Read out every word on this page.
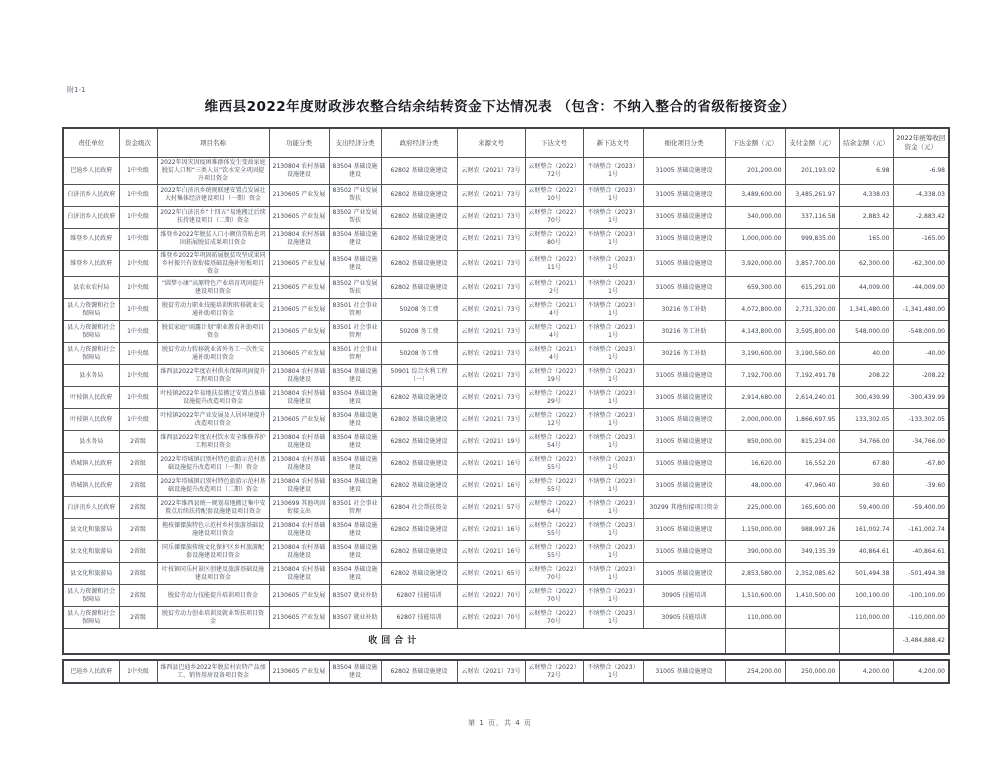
附1-1
维西县2022年度财政涉农整合结余结转资金下达情况表 （包含：不纳入整合的省级衔接资金）
责任单位	资金级次	项目名称	功能分类	支出经济分类	政府经济分类	来源文号	下达文号	新下达文号	细化项目分类	下达金额（元）	支付金额（元）	结余金额（元）	2022年统筹收回资金（元）
巴迪乡人民政府	1中央级	2022年因灾因疫困难群体发生变故家庭脱贫人口和“三类人员”饮水安全巩固提升项目资金	2130804 农村基础设施建设	83504 基础设施建设	62802 基础设施建设	云财农（2021）73号	云财整合（2022）72号	不纳整合（2023）1号	31005 基础设施建设	201,200.00	201,193.02	6.98	-6.98
白济汛乡人民政府	1中央级	2022年白济汛乡统规联建安置点发展壮大村集体经济建设项目（一期）资金	2130605 产业发展	83502 产业发展帮扶	62802 基础设施建设	云财农（2021）73号	云财整合（2022）10号	不纳整合（2023）1号	31005 基础设施建设	3,489,600.00	3,485,261.97	4,338.03	-4,338.03
白济汛乡人民政府	1中央级	2022年白济汛乡“十四五”易地搬迁后续扶持建设项目（二期）资金	2130605 产业发展	83502 产业发展帮扶	62802 基础设施建设	云财农（2021）73号	云财整合（2022）70号	不纳整合（2023）1号	31005 基础设施建设	340,000.00	337,116.58	2,883.42	-2,883.42
维登乡人民政府	1中央级	维登乡2022年脱贫人口小额信贷贴息巩固拓展脱贫成果项目资金	2130804 农村基础设施建设	83504 基础设施建设	62802 基础设施建设	云财农（2021）73号	云财整合（2022）80号	不纳整合（2023）1号	31005 基础设施建设	1,000,000.00	999,835.00	165.00	-165.00
维登乡人民政府	1中央级	维登乡2022年巩固拓展脱贫攻坚成果同乡村振兴有效衔接基础设施补短板项目资金	2130605 产业发展	83504 基础设施建设	62802 基础设施建设	云财农（2021）73号	云财整合（2022）11号	不纳整合（2023）1号	31005 基础设施建设	3,920,000.00	3,857,700.00	62,300.00	-62,300.00
县农业农村局	1中央级	“圆梦小康”高原特色产业培育巩固提升建设项目资金	2130605 产业发展	83502 产业发展帮扶	62802 基础设施建设	云财农（2021）73号	云财整合（2021）2号	不纳整合（2023）1号	31005 基础设施建设	659,300.00	615,291.00	44,009.00	-44,009.00
县人力资源和社会保障局	1中央级	脱贫劳动力职业技能培训和转移就业交通补助项目资金	2130605 产业发展	83501 社会事业管理	50208 务工费	云财农（2021）73号	云财整合（2021）4号	不纳整合（2023）1号	30216 务工补助	4,072,800.00	2,731,320.00	1,341,480.00	-1,341,480.00
县人力资源和社会保障局	1中央级	脱贫家庭“雨露计划”职业教育补助项目资金	2130605 产业发展	83501 社会事业管理	50208 务工费	云财农（2021）73号	云财整合（2021）4号	不纳整合（2023）1号	30216 务工补助	4,143,800.00	3,595,800.00	548,000.00	-548,000.00
县人力资源和社会保障局	1中央级	脱贫劳动力转移就业省外务工一次性交通补助项目资金	2130605 产业发展	83501 社会事业管理	50208 务工费	云财农（2021）73号	云财整合（2021）4号	不纳整合（2023）1号	30216 务工补助	3,190,600.00	3,190,560.00	40.00	-40.00
县水务局	1中央级	维西县2022年度农村供水保障巩固提升工程项目资金	2130804 农村基础设施建设	83504 基础设施建设	50901 综合水利工程（一）	云财农（2021）73号	云财整合（2022）19号	不纳整合（2023）1号	31005 基础设施建设	7,192,700.00	7,192,491.78	208.22	-208.22
叶枝镇人民政府	1中央级	叶枝镇2022年易地扶贫搬迁安置点基础设施提升改造项目资金	2130804 农村基础设施建设	83504 基础设施建设	62802 基础设施建设	云财农（2021）73号	云财整合（2022）29号	不纳整合（2023）1号	31005 基础设施建设	2,914,680.00	2,614,240.01	300,439.99	-300,439.99
叶枝镇人民政府	1中央级	叶枝镇2022年产业发展及人居环境提升改造项目资金	2130605 产业发展	83504 基础设施建设	62802 基础设施建设	云财农（2021）73号	云财整合（2022）12号	不纳整合（2023）1号	31005 基础设施建设	2,000,000.00	1,866,697.95	133,302.05	-133,302.05
县水务局	2省级	维西县2022年度农村饮水安全维修养护工程项目资金	2130804 农村基础设施建设	83504 基础设施建设	62802 基础设施建设	云财农（2021）19号	云财整合（2022）54号	不纳整合（2023）1号	31005 基础设施建设	850,000.00	815,234.00	34,766.00	-34,766.00
塔城镇人民政府	2省级	2022年塔城镇启别村特色旅游示范村基础设施提升改造项目（一期）资金	2130804 农村基础设施建设	83504 基础设施建设	62802 基础设施建设	云财农（2021）16号	云财整合（2022）55号	不纳整合（2023）1号	31005 基础设施建设	16,620.00	16,552.20	67.80	-67.80
塔城镇人民政府	2省级	2022年塔城镇启别村特色旅游示范村基础设施提升改造项目（二期）资金	2130804 农村基础设施建设	83504 基础设施建设	62802 基础设施建设	云财农（2021）16号	云财整合（2022）55号	不纳整合（2023）1号	31005 基础设施建设	48,000.00	47,960.40	39.60	-39.60
白济汛乡人民政府	2省级	2022年维西县统一规划易地搬迁集中安置点后续扶持配套设施建设项目资金	2130699 其他巩固衔接支出	83501 社会事业管理	62804 社会帮扶资金	云财农（2021）57号	云财整合（2022）64号	不纳整合（2023）1号	30299 其他衔接项目资金	225,000.00	165,600.00	59,400.00	-59,400.00
县文化和旅游局	2省级	拖枝傈僳族特色示范村乡村旅游基础设施建设项目资金	2130804 农村基础设施建设	83504 基础设施建设	62802 基础设施建设	云财农（2021）16号	云财整合（2022）55号	不纳整合（2023）1号	31005 基础设施建设	1,150,000.00	988,997.26	161,002.74	-161,002.74
县文化和旅游局	2省级	同乐傈僳族传统文化保护区乡村旅游配套设施建设项目资金	2130804 农村基础设施建设	83504 基础设施建设	62802 基础设施建设	云财农（2021）16号	云财整合（2022）55号	不纳整合（2023）1号	31005 基础设施建设	390,000.00	349,135.39	40,864.61	-40,864.61
县文化和旅游局	2省级	叶枝镇同乐村景区创建及旅游基础设施建设项目资金	2130804 农村基础设施建设	83504 基础设施建设	62802 基础设施建设	云财农（2021）65号	云财整合（2022）70号	不纳整合（2023）1号	31005 基础设施建设	2,853,580.00	2,352,085.62	501,494.38	-501,494.38
县人力资源和社会保障局	2省级	脱贫劳动力技能提升培训项目资金	2130605 产业发展	83507 就业补助	62807 技能培训	云财农（2022）70号	云财整合（2022）70号	不纳整合（2023）1号	30905 技能培训	1,510,600.00	1,410,500.00	100,100.00	-100,100.00
县人力资源和社会保障局	2省级	脱贫劳动力创业培训及就业帮扶项目资金	2130605 产业发展	83507 就业补助	62807 技能培训	云财农（2022）70号	云财整合（2022）70号	不纳整合（2023）1号	30905 技能培训	110,000.00		110,000.00	-110,000.00
收回合计													-3,484,888.42
巴迪乡人民政府	1中央级	维西县巴迪乡2022年脱贫村农特产品加工、销售用房设备项目资金	2130605 产业发展	83504 基础设施建设	62802 基础设施建设	云财农（2021）73号	云财整合（2022）72号	不纳整合（2023）1号	31005 基础设施建设	254,200.00	250,000.00	4,200.00	4,200.00
第 1 页，共 4 页
